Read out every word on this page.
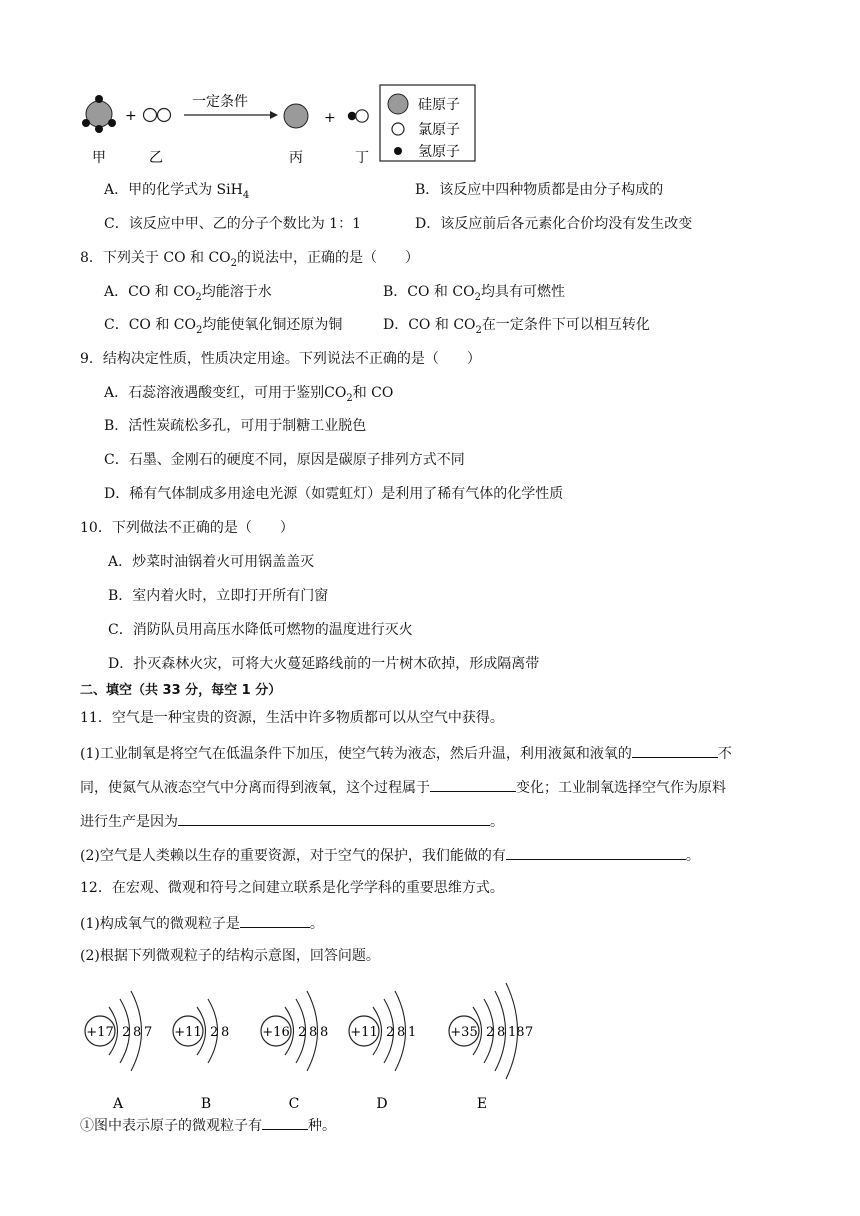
+
一定条件
+
甲	乙	丙	丁
硅原子
氯原子
氢原子
A．甲的化学式为 SiH$_4$	B．该反应中四种物质都是由分子构成的
C．该反应中甲、乙的分子个数比为 1：1	D．该反应前后各元素化合价均没有发生改变
8．下列关于 CO 和 $CO_2$的说法中，正确的是（　　）
A．CO 和 $CO_2$均能溶于水	B．CO 和 $CO_2$均具有可燃性
C．CO 和 $CO_2$均能使氧化铜还原为铜	D．CO 和 $CO_2$在一定条件下可以相互转化
9．结构决定性质，性质决定用途。下列说法不正确的是（　　）
A．石蕊溶液遇酸变红，可用于鉴别$CO_2$和 CO
B．活性炭疏松多孔，可用于制糖工业脱色
C．石墨、金刚石的硬度不同，原因是碳原子排列方式不同
D．稀有气体制成多用途电光源（如霓虹灯）是利用了稀有气体的化学性质
10．下列做法不正确的是（　　）
A．炒菜时油锅着火可用锅盖盖灭
B．室内着火时，立即打开所有门窗
C．消防队员用高压水降低可燃物的温度进行灭火
D．扑灭森林火灾，可将大火蔓延路线前的一片树木砍掉，形成隔离带
二、填空（共 33 分，每空 1 分）
11．空气是一种宝贵的资源，生活中许多物质都可以从空气中获得。
(1)工业制氧是将空气在低温条件下加压，使空气转为液态，然后升温，利用液氮和液氧的	不
同，使氮气从液态空气中分离而得到液氧，这个过程属于	变化；工业制氧选择空气作为原料
进行生产是因为	。
(2)空气是人类赖以生存的重要资源，对于空气的保护，我们能做的有	。
12．在宏观、微观和符号之间建立联系是化学学科的重要思维方式。
(1)构成氧气的微观粒子是	。
(2)根据下列微观粒子的结构示意图，回答问题。
+17 2 8 7
A
+11 2 8
B
+16 2 8 8
C
+11 2 8 1
D
+35 2 8 18 7
E
①图中表示原子的微观粒子有	种。
